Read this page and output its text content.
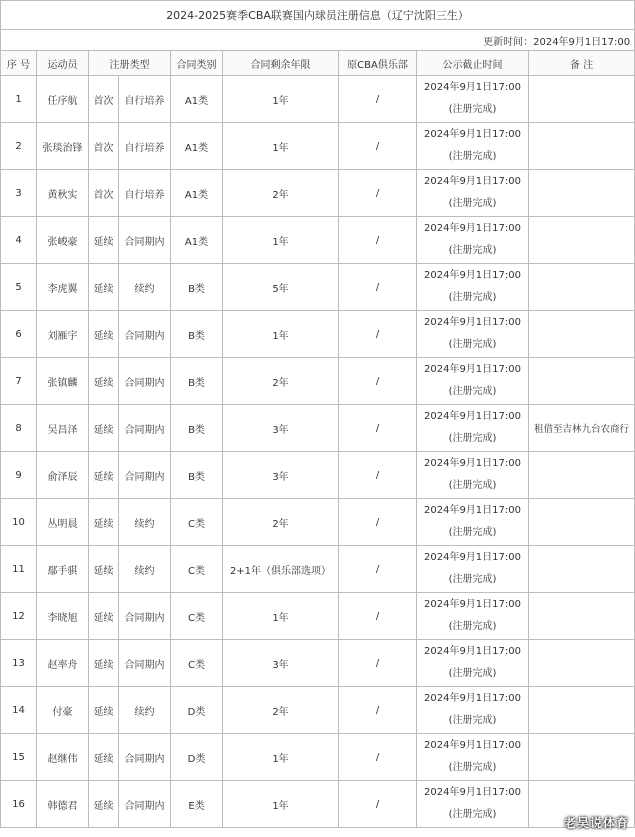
2024-2025赛季CBA联赛国内球员注册信息（辽宁沈阳三生）								
更新时间：2024年9月1日17:00								
序 号	运动员	注册类型		合同类别	合同剩余年限	原CBA俱乐部	公示截止时间	备 注
1	任序航	首次	自行培养	A1类	1年	/	2024年9月1日17:00
(注册完成)	

2	张琰治锋	首次	自行培养	A1类	1年	/	2024年9月1日17:00
(注册完成)	

3	黄秋实	首次	自行培养	A1类	2年	/	2024年9月1日17:00
(注册完成)	

4	张峻豪	延续	合同期内	A1类	1年	/	2024年9月1日17:00
(注册完成)	

5	李虎翼	延续	续约	B类	5年	/	2024年9月1日17:00
(注册完成)	

6	刘雁宇	延续	合同期内	B类	1年	/	2024年9月1日17:00
(注册完成)	

7	张镇麟	延续	合同期内	B类	2年	/	2024年9月1日17:00
(注册完成)	

8	吴昌泽	延续	合同期内	B类	3年	/	2024年9月1日17:00
(注册完成)	租借至吉林九台农商行
9	俞泽辰	延续	合同期内	B类	3年	/	2024年9月1日17:00
(注册完成)	

10	丛明晨	延续	续约	C类	2年	/	2024年9月1日17:00
(注册完成)	

11	鄢手骐	延续	续约	C类	2+1年（俱乐部选项）	/	2024年9月1日17:00
(注册完成)	

12	李晓旭	延续	合同期内	C类	1年	/	2024年9月1日17:00
(注册完成)	

13	赵率舟	延续	合同期内	C类	3年	/	2024年9月1日17:00
(注册完成)	

14	付豪	延续	续约	D类	2年	/	2024年9月1日17:00
(注册完成)	

15	赵继伟	延续	合同期内	D类	1年	/	2024年9月1日17:00
(注册完成)	

16	韩德君	延续	合同期内	E类	1年	/	2024年9月1日17:00
(注册完成)	

老吴说体育
